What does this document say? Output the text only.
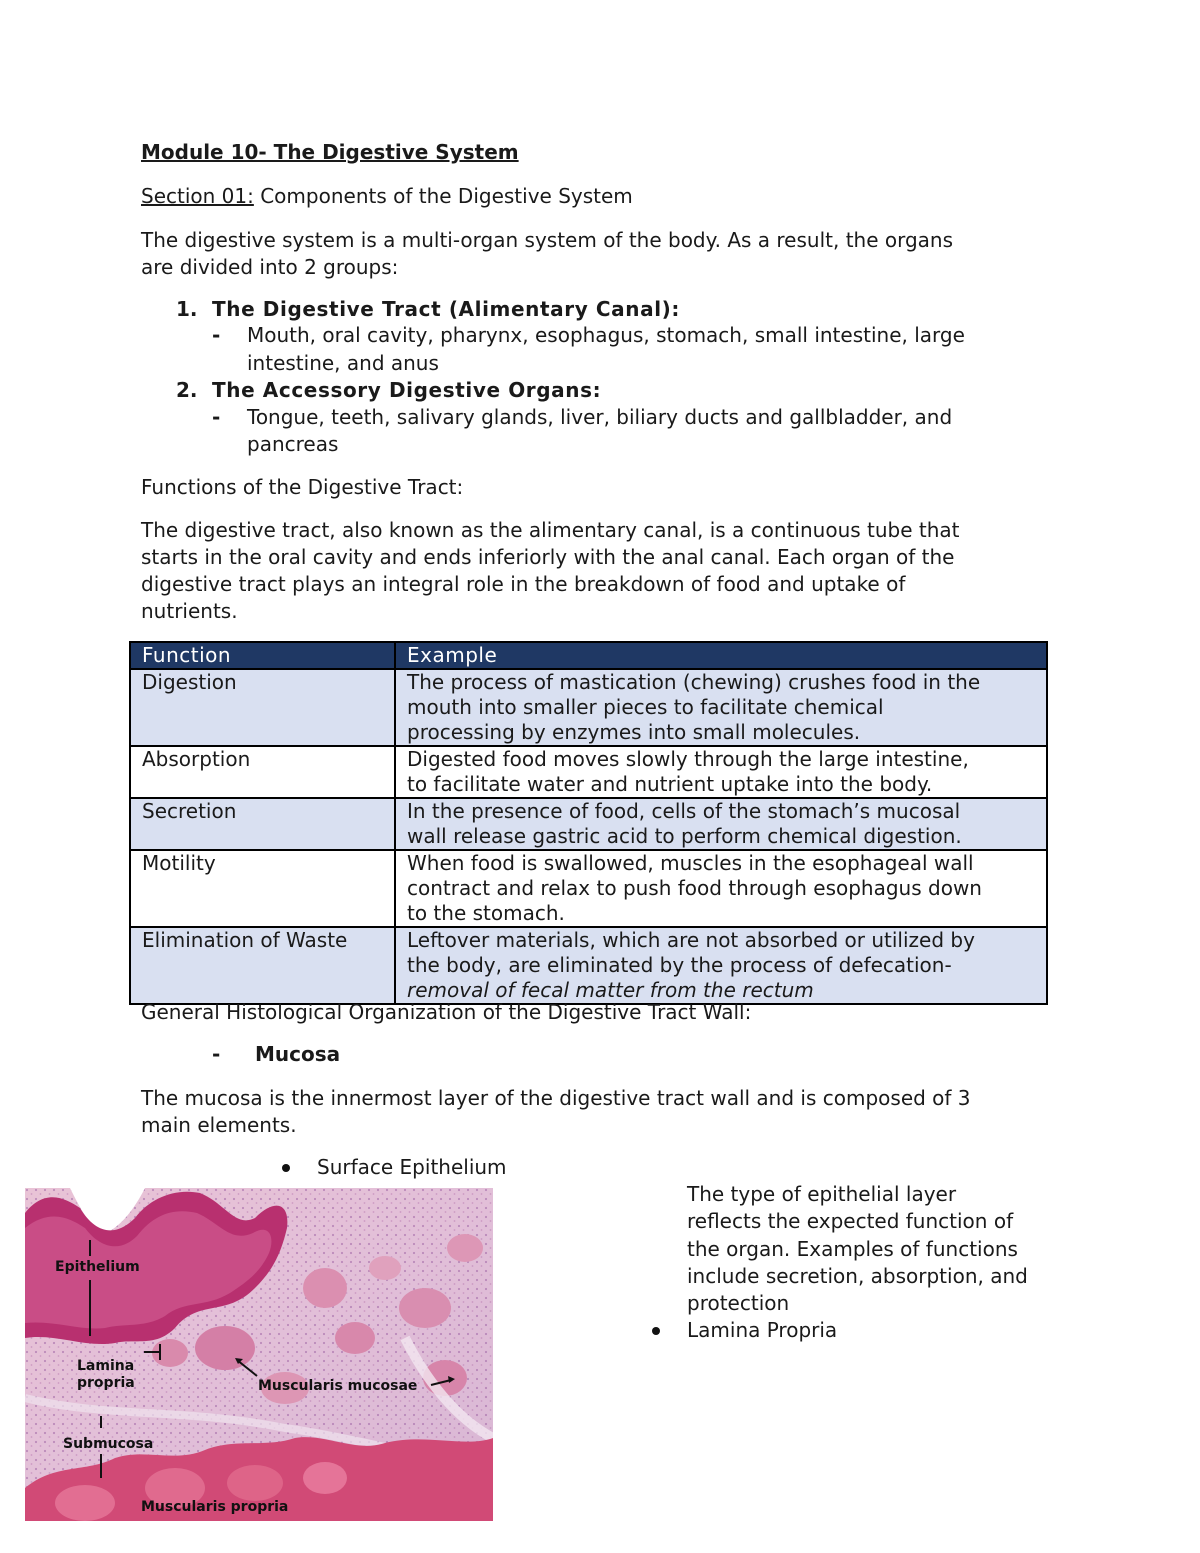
Module 10- The Digestive System
Section 01: Components of the Digestive System
The digestive system is a multi-organ system of the body. As a result, the organs
are divided into 2 groups:
1. The Digestive Tract (Alimentary Canal):
- Mouth, oral cavity, pharynx, esophagus, stomach, small intestine, large
intestine, and anus
2. The Accessory Digestive Organs:
- Tongue, teeth, salivary glands, liver, biliary ducts and gallbladder, and
pancreas
Functions of the Digestive Tract:
The digestive tract, also known as the alimentary canal, is a continuous tube that
starts in the oral cavity and ends inferiorly with the anal canal. Each organ of the
digestive tract plays an integral role in the breakdown of food and uptake of
nutrients.
Function	Example
Digestion	The process of mastication (chewing) crushes food in the
mouth into smaller pieces to facilitate chemical
processing by enzymes into small molecules.

Absorption	Digested food moves slowly through the large intestine,
to facilitate water and nutrient uptake into the body.

Secretion	In the presence of food, cells of the stomach’s mucosal
wall release gastric acid to perform chemical digestion.

Motility	When food is swallowed, muscles in the esophageal wall
contract and relax to push food through esophagus down
to the stomach.

Elimination of Waste	Leftover materials, which are not absorbed or utilized by
the body, are eliminated by the process of defecation-
removal of fecal matter from the rectum
General Histological Organization of the Digestive Tract Wall:
- Mucosa
The mucosa is the innermost layer of the digestive tract wall and is composed of 3
main elements.
Surface Epithelium
The type of epithelial layer
reflects the expected function of
the organ. Examples of functions
include secretion, absorption, and
protection
Lamina Propria
Epithelium
Lamina
propria	Muscularis mucosae
Submucosa
Muscularis propria
